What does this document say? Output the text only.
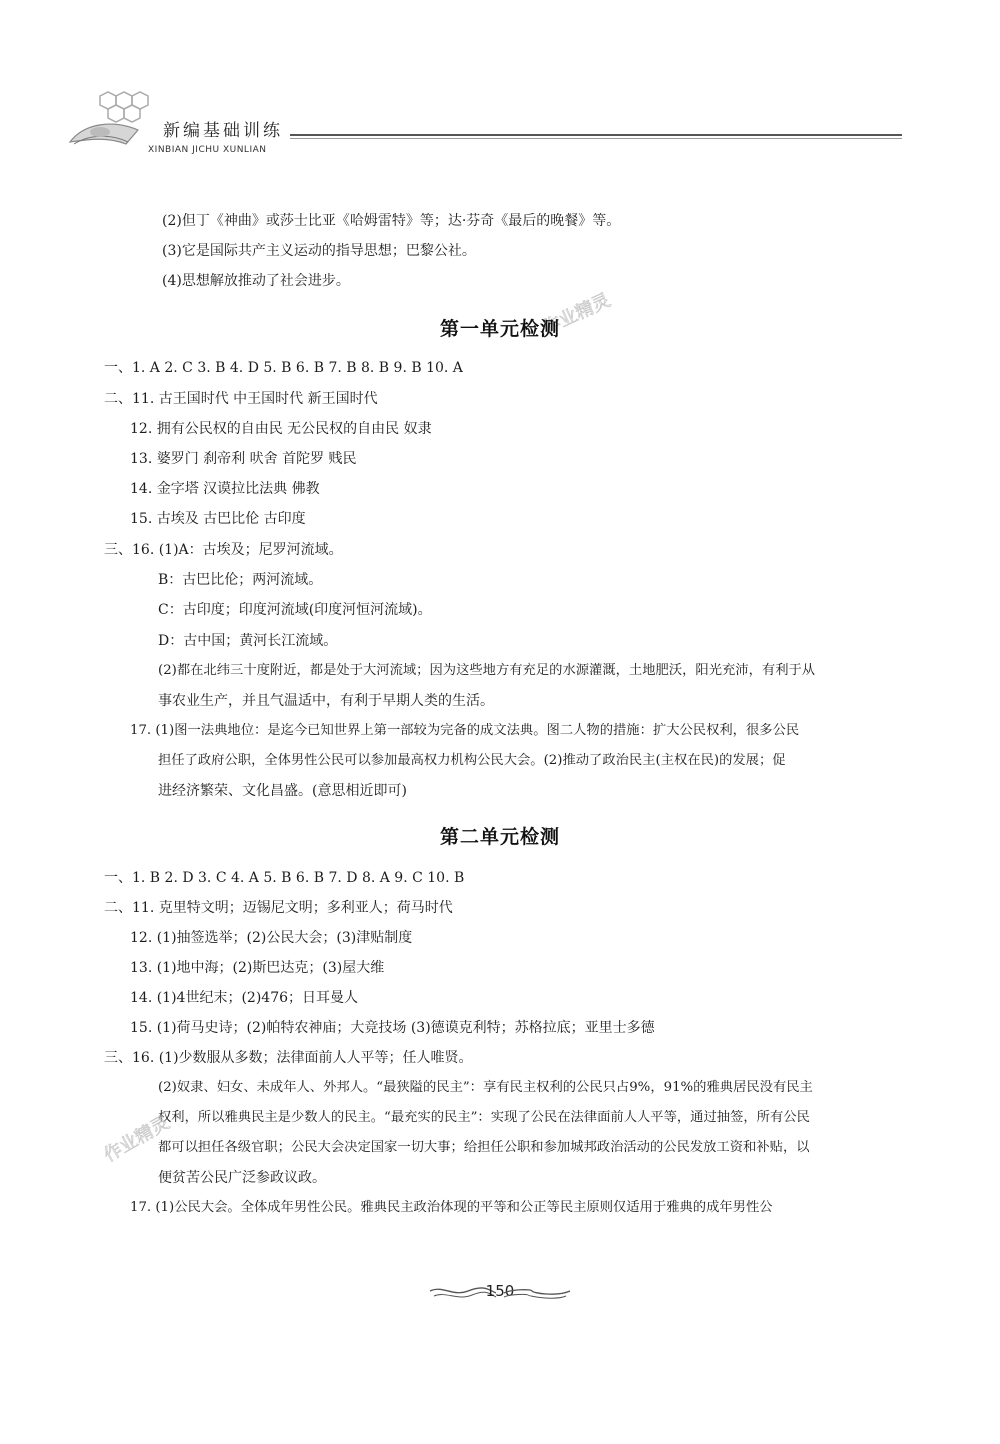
新编基础训练
XINBIAN JICHU XUNLIAN
(2)但丁《神曲》或莎士比亚《哈姆雷特》等；达·芬奇《最后的晚餐》等。
(3)它是国际共产主义运动的指导思想；巴黎公社。
(4)思想解放推动了社会进步。
作业精灵
第一单元检测
一、1. A 2. C 3. B 4. D 5. B 6. B 7. B 8. B 9. B 10. A
二、11. 古王国时代 中王国时代 新王国时代
12. 拥有公民权的自由民 无公民权的自由民 奴隶
13. 婆罗门 刹帝利 吠舍 首陀罗 贱民
14. 金字塔 汉谟拉比法典 佛教
15. 古埃及 古巴比伦 古印度
三、16. (1)A：古埃及；尼罗河流域。
B：古巴比伦；两河流域。
C：古印度；印度河流域(印度河恒河流域)。
D：古中国；黄河长江流域。
(2)都在北纬三十度附近，都是处于大河流域；因为这些地方有充足的水源灌溉，土地肥沃，阳光充沛，有利于从
事农业生产，并且气温适中，有利于早期人类的生活。
17. (1)图一法典地位：是迄今已知世界上第一部较为完备的成文法典。图二人物的措施：扩大公民权利，很多公民
担任了政府公职，全体男性公民可以参加最高权力机构公民大会。(2)推动了政治民主(主权在民)的发展；促
进经济繁荣、文化昌盛。(意思相近即可)
第二单元检测
一、1. B 2. D 3. C 4. A 5. B 6. B 7. D 8. A 9. C 10. B
二、11. 克里特文明；迈锡尼文明；多利亚人；荷马时代
12. (1)抽签选举；(2)公民大会；(3)津贴制度
13. (1)地中海；(2)斯巴达克；(3)屋大维
14. (1)4世纪末；(2)476；日耳曼人
15. (1)荷马史诗；(2)帕特农神庙；大竞技场 (3)德谟克利特；苏格拉底；亚里士多德
三、16. (1)少数服从多数；法律面前人人平等；任人唯贤。
(2)奴隶、妇女、未成年人、外邦人。“最狭隘的民主”：享有民主权利的公民只占9%，91%的雅典居民没有民主
权利，所以雅典民主是少数人的民主。“最充实的民主”：实现了公民在法律面前人人平等，通过抽签，所有公民
都可以担任各级官职；公民大会决定国家一切大事；给担任公职和参加城邦政治活动的公民发放工资和补贴，以
便贫苦公民广泛参政议政。
17. (1)公民大会。全体成年男性公民。雅典民主政治体现的平等和公正等民主原则仅适用于雅典的成年男性公
作业精灵
150
